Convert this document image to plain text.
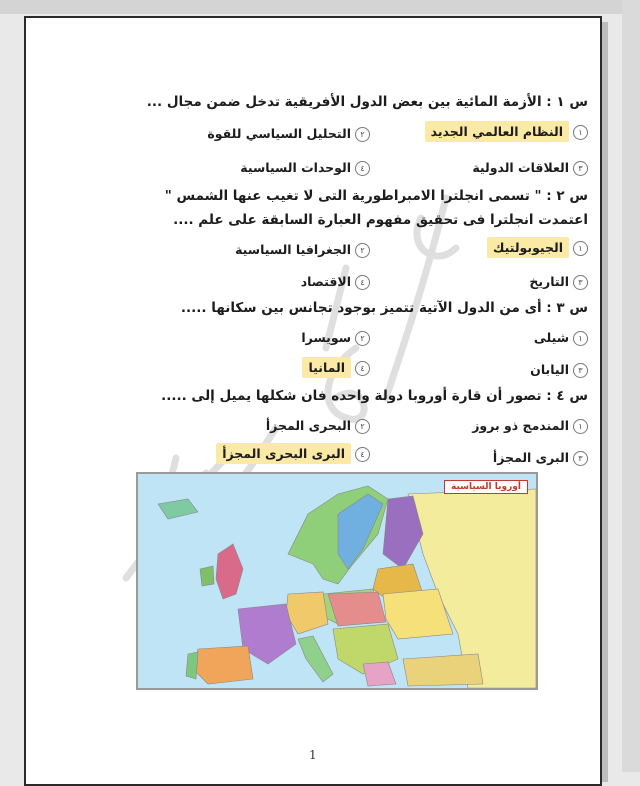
س ١ : الأزمة المائية بين بعض الدول الأفريقية تدخل ضمن مجال ...
١النظام العالمي الجديد
٢التحليل السياسي للقوة
٣العلاقات الدولية
٤الوحدات السياسية
س ٢ : " تسمى انجلترا الامبراطورية التى لا تغيب عنها الشمس "
اعتمدت انجلترا فى تحقيق مفهوم العبارة السابقة على علم ....
١الجيوبولتيك
٢الجغرافيا السياسية
٣التاريخ
٤الاقتصاد
س ٣ : أى من الدول الآتية تتميز بوجود تجانس بين سكانها .....
١شيلى
٢سويسرا
٣اليابان
٤المانيا
س ٤ : تصور أن قارة أوروبا دولة واحده فان شكلها يميل إلى .....
١المندمج ذو بروز
٢البحرى المجزأ
٣البرى المجزأ
٤البرى البحرى المجزأ
1
أوروبا السياسية
